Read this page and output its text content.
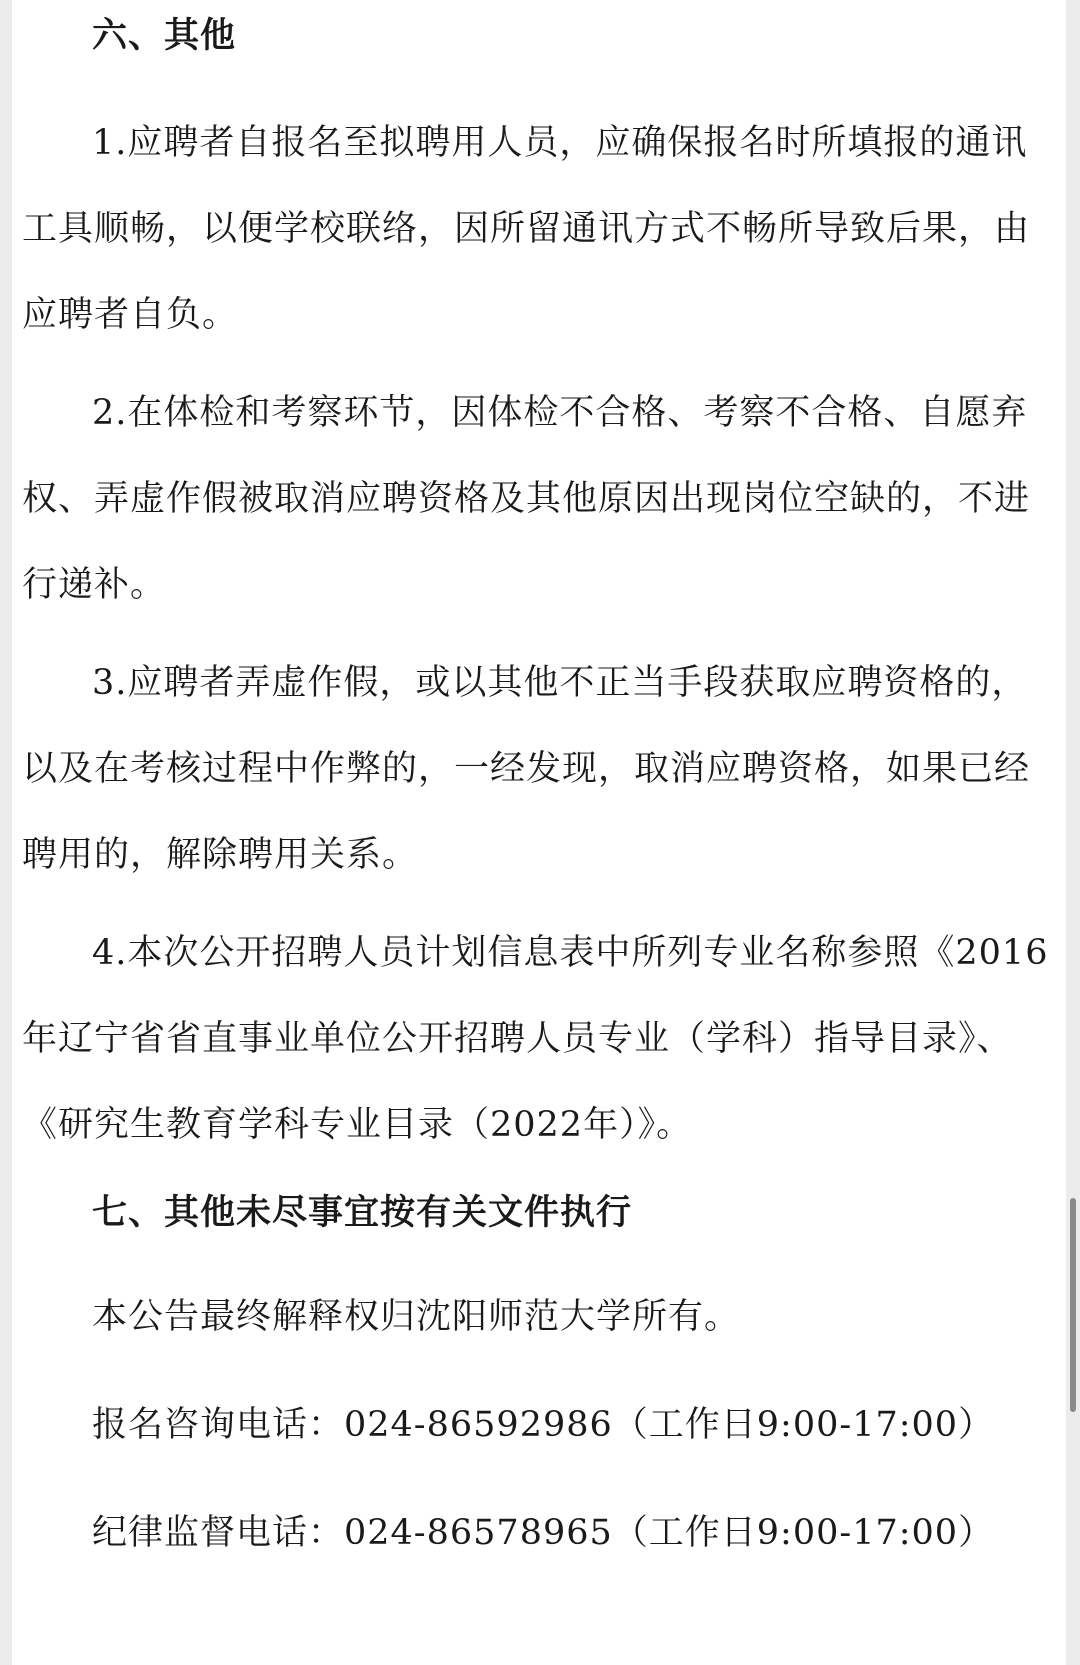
六、其他
1.应聘者自报名至拟聘用人员，应确保报名时所填报的通讯工具顺畅，以便学校联络，因所留通讯方式不畅所导致后果，由应聘者自负。
2.在体检和考察环节，因体检不合格、考察不合格、自愿弃权、弄虚作假被取消应聘资格及其他原因出现岗位空缺的，不进行递补。
3.应聘者弄虚作假，或以其他不正当手段获取应聘资格的，以及在考核过程中作弊的，一经发现，取消应聘资格，如果已经聘用的，解除聘用关系。
4.本次公开招聘人员计划信息表中所列专业名称参照《2016年辽宁省省直事业单位公开招聘人员专业（学科）指导目录》、《研究生教育学科专业目录（2022年）》。
七、其他未尽事宜按有关文件执行
本公告最终解释权归沈阳师范大学所有。
报名咨询电话：024-86592986（工作日9:00-17:00）
纪律监督电话：024-86578965（工作日9:00-17:00）
